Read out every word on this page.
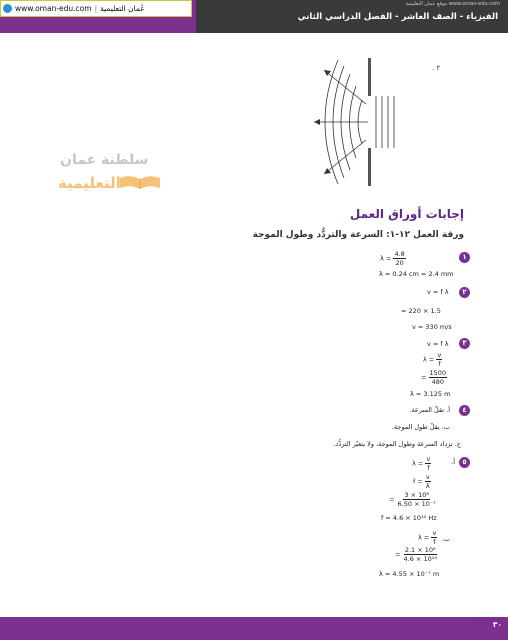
موقع عمان التعليمية www.oman-edu.com
الفيزياء - الصف العاشر - الفصل الدراسي الثاني
www.oman-edu.com | عُمان التعليمية
سلطنة عمان
التعليمية
٢ .
إجابات أوراق العمل
ورقة العمل ١٢-١: السرعة والتردُّد وطول الموجة
١
$\lambda = \frac{4.8}{20}$
λ = 0.24 cm = 2.4 mm
٢
v = f λ
= 220 × 1.5
v = 330 m/s
٣
v = f λ
$\lambda = \frac{v}{f}$
= $\frac{1500}{480}$
λ = 3.125 m
٤
أ. تقلّ السرعة.
ب. يقلّ طول الموجة.
ج. تزداد السرعة وطول الموجة، ولا يتغيّر التردُّد.
٥
أ.
$\lambda = \frac{v}{f}$
$f = \frac{v}{\lambda}$
= $\frac{\text{3 × 10⁸}}{\text{6.50 × 10⁻⁷}}$
f = 4.6 × 10¹⁴ Hz
ب.
$\lambda = \frac{v}{f}$
= $\frac{\text{2.1 × 10⁸}}{\text{4.6 × 10¹⁴}}$
λ = 4.55 × 10⁻⁷ m
٣٠
